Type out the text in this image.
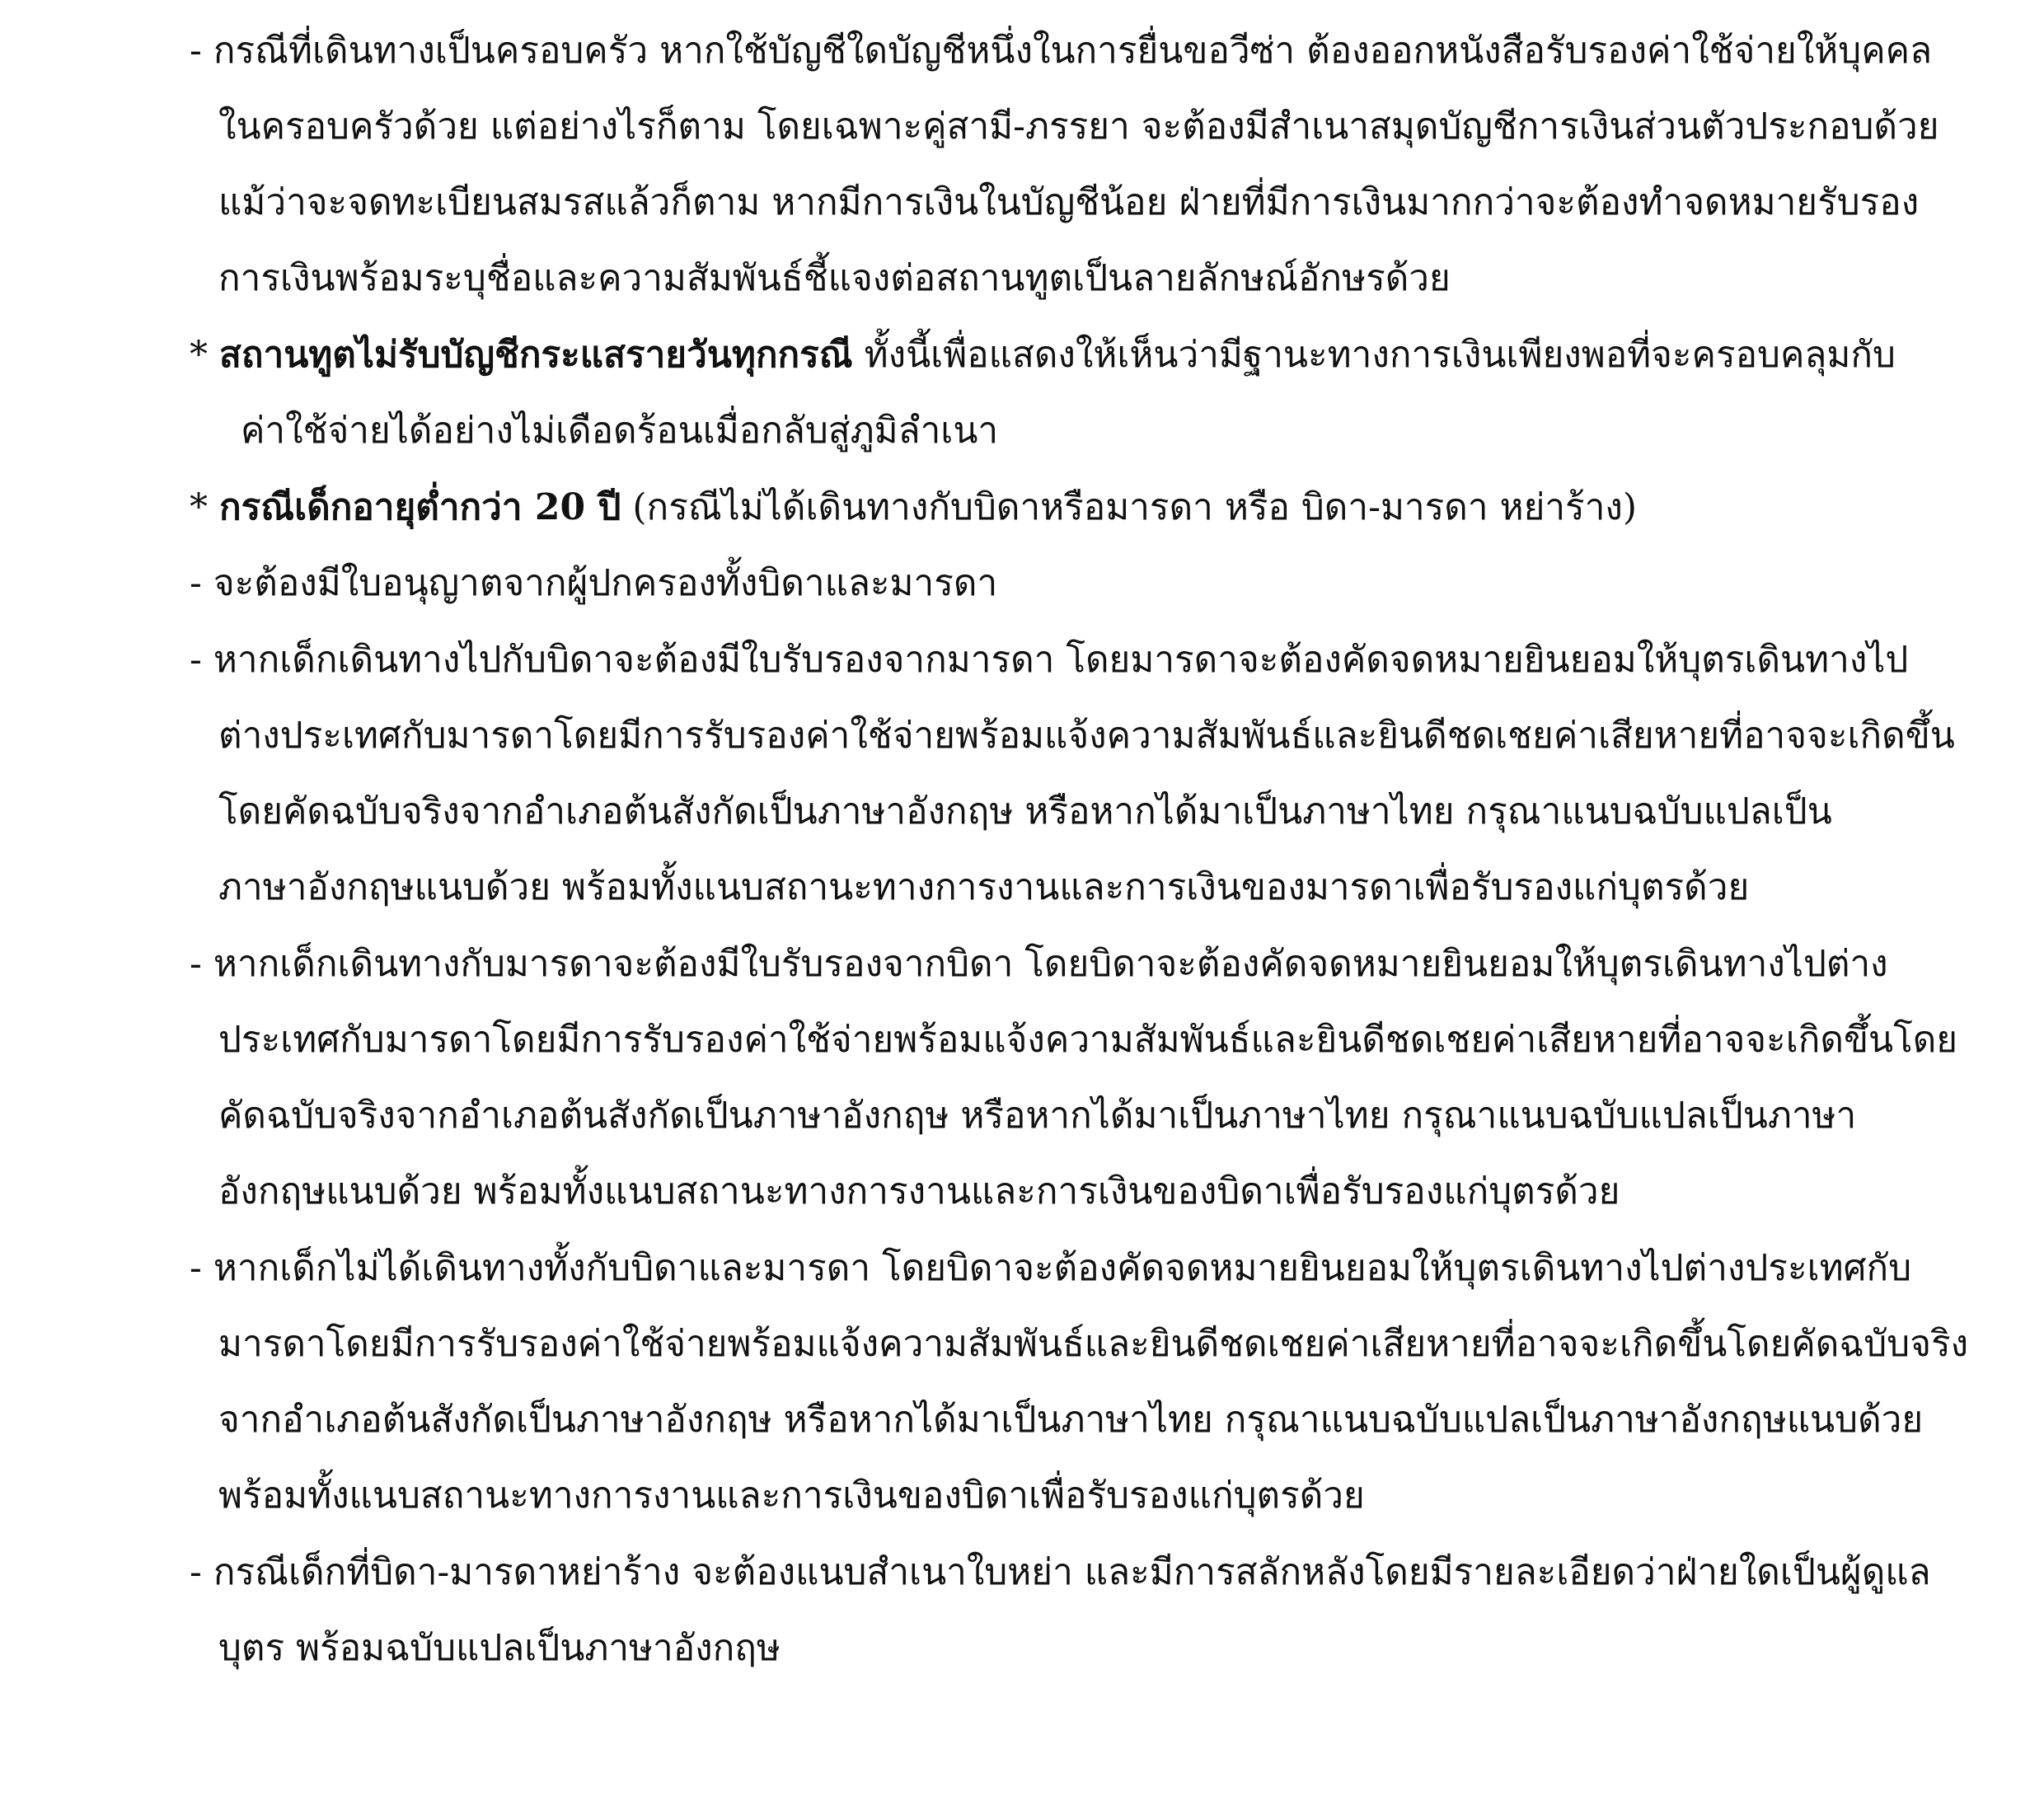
- กรณีที่เดินทางเป็นครอบครัว หากใช้บัญชีใดบัญชีหนึ่งในการยื่นขอวีซ่า ต้องออกหนังสือรับรองค่าใช้จ่ายให้บุคคล
ในครอบครัวด้วย แต่อย่างไรก็ตาม โดยเฉพาะคู่สามี-ภรรยา จะต้องมีสำเนาสมุดบัญชีการเงินส่วนตัวประกอบด้วย
แม้ว่าจะจดทะเบียนสมรสแล้วก็ตาม หากมีการเงินในบัญชีน้อย ฝ่ายที่มีการเงินมากกว่าจะต้องทำจดหมายรับรอง
การเงินพร้อมระบุชื่อและความสัมพันธ์ชี้แจงต่อสถานทูตเป็นลายลักษณ์อักษรด้วย
* สถานทูตไม่รับบัญชีกระแสรายวันทุกกรณี ทั้งนี้เพื่อแสดงให้เห็นว่ามีฐานะทางการเงินเพียงพอที่จะครอบคลุมกับ
ค่าใช้จ่ายได้อย่างไม่เดือดร้อนเมื่อกลับสู่ภูมิลำเนา
* กรณีเด็กอายุต่ำกว่า 20 ปี (กรณีไม่ได้เดินทางกับบิดาหรือมารดา หรือ บิดา-มารดา หย่าร้าง)
- จะต้องมีใบอนุญาตจากผู้ปกครองทั้งบิดาและมารดา
- หากเด็กเดินทางไปกับบิดาจะต้องมีใบรับรองจากมารดา โดยมารดาจะต้องคัดจดหมายยินยอมให้บุตรเดินทางไป
ต่างประเทศกับมารดาโดยมีการรับรองค่าใช้จ่ายพร้อมแจ้งความสัมพันธ์และยินดีชดเชยค่าเสียหายที่อาจจะเกิดขึ้น
โดยคัดฉบับจริงจากอำเภอต้นสังกัดเป็นภาษาอังกฤษ หรือหากได้มาเป็นภาษาไทย กรุณาแนบฉบับแปลเป็น
ภาษาอังกฤษแนบด้วย พร้อมทั้งแนบสถานะทางการงานและการเงินของมารดาเพื่อรับรองแก่บุตรด้วย
- หากเด็กเดินทางกับมารดาจะต้องมีใบรับรองจากบิดา โดยบิดาจะต้องคัดจดหมายยินยอมให้บุตรเดินทางไปต่าง
ประเทศกับมารดาโดยมีการรับรองค่าใช้จ่ายพร้อมแจ้งความสัมพันธ์และยินดีชดเชยค่าเสียหายที่อาจจะเกิดขึ้นโดย
คัดฉบับจริงจากอำเภอต้นสังกัดเป็นภาษาอังกฤษ หรือหากได้มาเป็นภาษาไทย กรุณาแนบฉบับแปลเป็นภาษา
อังกฤษแนบด้วย พร้อมทั้งแนบสถานะทางการงานและการเงินของบิดาเพื่อรับรองแก่บุตรด้วย
- หากเด็กไม่ได้เดินทางทั้งกับบิดาและมารดา โดยบิดาจะต้องคัดจดหมายยินยอมให้บุตรเดินทางไปต่างประเทศกับ
มารดาโดยมีการรับรองค่าใช้จ่ายพร้อมแจ้งความสัมพันธ์และยินดีชดเชยค่าเสียหายที่อาจจะเกิดขึ้นโดยคัดฉบับจริง
จากอำเภอต้นสังกัดเป็นภาษาอังกฤษ หรือหากได้มาเป็นภาษาไทย กรุณาแนบฉบับแปลเป็นภาษาอังกฤษแนบด้วย
พร้อมทั้งแนบสถานะทางการงานและการเงินของบิดาเพื่อรับรองแก่บุตรด้วย
- กรณีเด็กที่บิดา-มารดาหย่าร้าง จะต้องแนบสำเนาใบหย่า และมีการสลักหลังโดยมีรายละเอียดว่าฝ่ายใดเป็นผู้ดูแล
บุตร พร้อมฉบับแปลเป็นภาษาอังกฤษ
